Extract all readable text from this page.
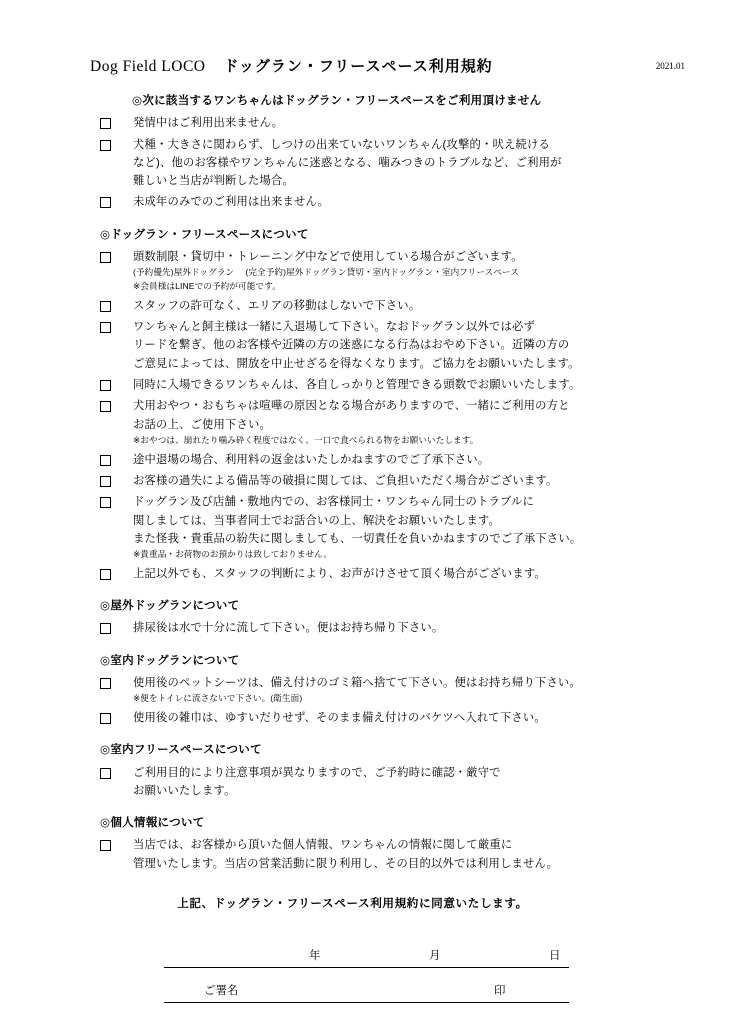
Dog Field LOCO ドッグラン・フリースペース利用規約	2021.01
◎次に該当するワンちゃんはドッグラン・フリースペースをご利用頂けません
発情中はご利用出来ません。
犬種・大きさに関わらず、しつけの出来ていないワンちゃん(攻撃的・吠え続ける
など)、他のお客様やワンちゃんに迷惑となる、噛みつきのトラブルなど、ご利用が
難しいと当店が判断した場合。
未成年のみでのご利用は出来ません。
◎ドッグラン・フリースペースについて
頭数制限・貸切中・トレーニング中などで使用している場合がございます。
(予約優先)屋外ドッグラン 　(完全予約)屋外ドッグラン貸切・室内ドッグラン・室内フリースペース
※会員様はLINEでの予約が可能です。
スタッフの許可なく、エリアの移動はしないで下さい。
ワンちゃんと飼主様は一緒に入退場して下さい。なおドッグラン以外では必ず
リードを繋ぎ、他のお客様や近隣の方の迷惑になる行為はおやめ下さい。近隣の方の
ご意見によっては、開放を中止せざるを得なくなります。ご協力をお願いいたします。
同時に入場できるワンちゃんは、各自しっかりと管理できる頭数でお願いいたします。
犬用おやつ・おもちゃは喧嘩の原因となる場合がありますので、一緒にご利用の方と
お話の上、ご使用下さい。
※おやつは、崩れたり噛み砕く程度ではなく、一口で食べられる物をお願いいたします。
途中退場の場合、利用料の返金はいたしかねますのでご了承下さい。
お客様の過失による備品等の破損に関しては、ご負担いただく場合がございます。
ドッグラン及び店舗・敷地内での、お客様同士・ワンちゃん同士のトラブルに
関しましては、当事者同士でお話合いの上、解決をお願いいたします。
また怪我・貴重品の紛失に関しましても、一切責任を負いかねますのでご了承下さい。
※貴重品・お荷物のお預かりは致しておりません。
上記以外でも、スタッフの判断により、お声がけさせて頂く場合がございます。
◎屋外ドッグランについて
排尿後は水で十分に流して下さい。便はお持ち帰り下さい。
◎室内ドッグランについて
使用後のペットシーツは、備え付けのゴミ箱へ捨てて下さい。便はお持ち帰り下さい。
※便をトイレに流さないで下さい。(衛生面)
使用後の雑巾は、ゆすいだりせず、そのまま備え付けのバケツへ入れて下さい。
◎室内フリースペースについて
ご利用目的により注意事項が異なりますので、ご予約時に確認・厳守で
お願いいたします。
◎個人情報について
当店では、お客様から頂いた個人情報、ワンちゃんの情報に関して厳重に
管理いたします。当店の営業活動に限り利用し、その目的以外では利用しません。
上記、ドッグラン・フリースペース利用規約に同意いたします。
年	月	日
ご署名	印
